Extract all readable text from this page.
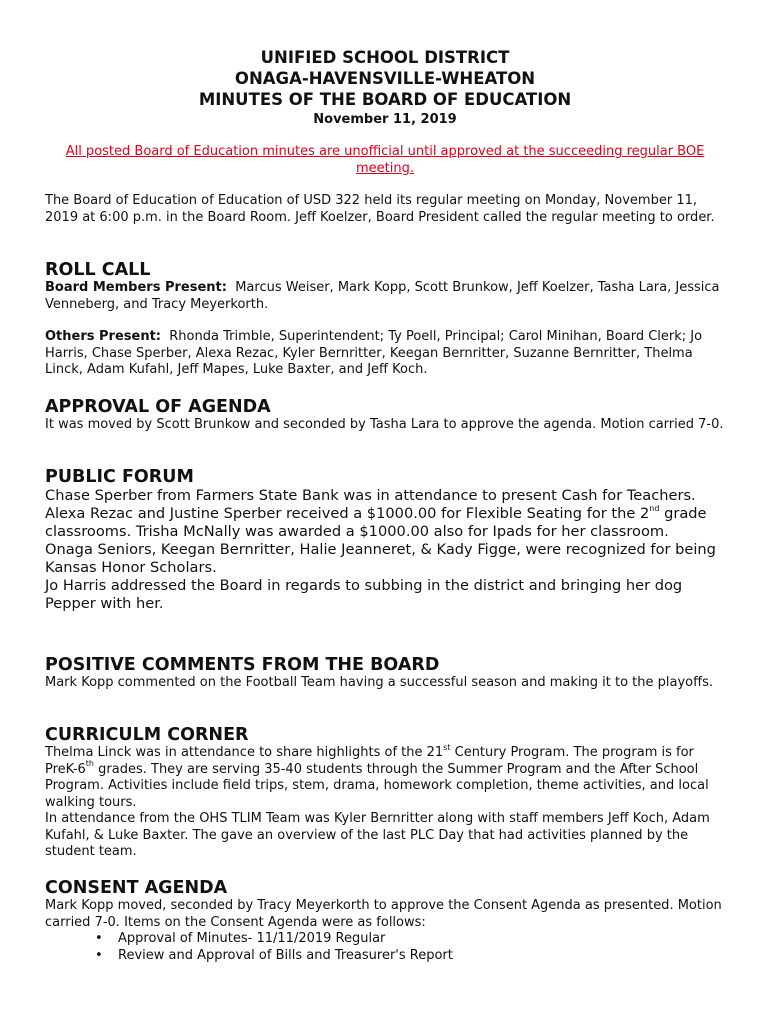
UNIFIED SCHOOL DISTRICT
ONAGA-HAVENSVILLE-WHEATON
MINUTES OF THE BOARD OF EDUCATION
November 11, 2019
All posted Board of Education minutes are unofficial until approved at the succeeding regular BOE meeting.
The Board of Education of Education of USD 322 held its regular meeting on Monday, November 11, 2019 at 6:00 p.m. in the Board Room. Jeff Koelzer, Board President called the regular meeting to order.
ROLL CALL
Board Members Present: Marcus Weiser, Mark Kopp, Scott Brunkow, Jeff Koelzer, Tasha Lara, Jessica Venneberg, and Tracy Meyerkorth.
Others Present: Rhonda Trimble, Superintendent; Ty Poell, Principal; Carol Minihan, Board Clerk; Jo Harris, Chase Sperber, Alexa Rezac, Kyler Bernritter, Keegan Bernritter, Suzanne Bernritter, Thelma Linck, Adam Kufahl, Jeff Mapes, Luke Baxter, and Jeff Koch.
APPROVAL OF AGENDA
It was moved by Scott Brunkow and seconded by Tasha Lara to approve the agenda. Motion carried 7-0.
PUBLIC FORUM
Chase Sperber from Farmers State Bank was in attendance to present Cash for Teachers. Alexa Rezac and Justine Sperber received a $1000.00 for Flexible Seating for the 2nd grade classrooms. Trisha McNally was awarded a $1000.00 also for Ipads for her classroom.
Onaga Seniors, Keegan Bernritter, Halie Jeanneret, & Kady Figge, were recognized for being Kansas Honor Scholars.
Jo Harris addressed the Board in regards to subbing in the district and bringing her dog Pepper with her.
POSITIVE COMMENTS FROM THE BOARD
Mark Kopp commented on the Football Team having a successful season and making it to the playoffs.
CURRICULM CORNER
Thelma Linck was in attendance to share highlights of the 21st Century Program. The program is for PreK-6th grades. They are serving 35-40 students through the Summer Program and the After School Program. Activities include field trips, stem, drama, homework completion, theme activities, and local walking tours.
In attendance from the OHS TLIM Team was Kyler Bernritter along with staff members Jeff Koch, Adam Kufahl, & Luke Baxter. The gave an overview of the last PLC Day that had activities planned by the student team.
CONSENT AGENDA
Mark Kopp moved, seconded by Tracy Meyerkorth to approve the Consent Agenda as presented. Motion carried 7-0. Items on the Consent Agenda were as follows:
• Approval of Minutes- 11/11/2019 Regular
• Review and Approval of Bills and Treasurer's Report
